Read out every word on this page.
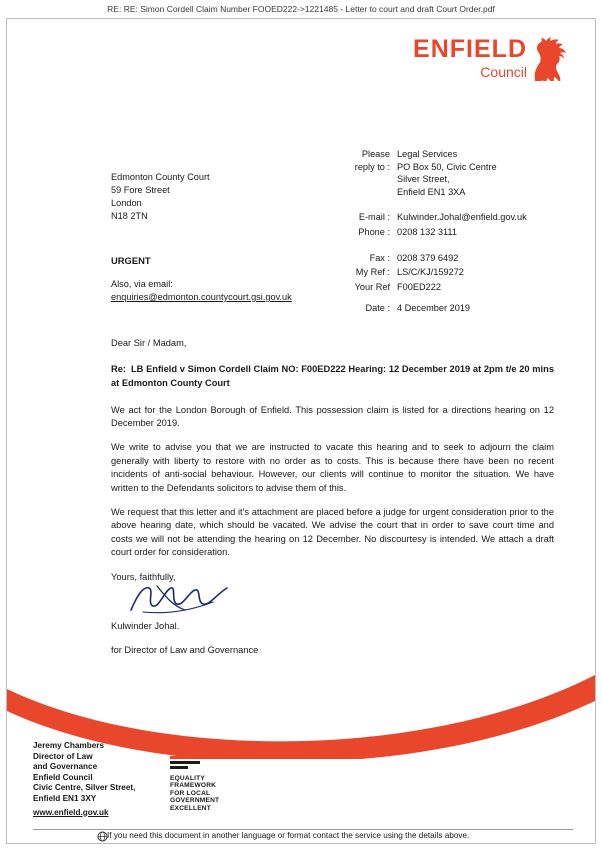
RE: RE: Simon Cordell Claim Number FOOED222->1221485 - Letter to court and draft Court Order.pdf
ENFIELD
Council
Edmonton County Court
59 Fore Street
London
N18 2TN
URGENT
Also, via email:
enquiries@edmonton.countycourt.gsi.gov.uk
Please
reply to :
Legal Services
PO Box 50, Civic Centre
Silver Street,
Enfield EN1 3XA
E-mail : Kulwinder.Johal@enfield.gov.uk
Phone : 0208 132 3111
Fax : 0208 379 6492
My Ref : LS/C/KJ/159272
Your Ref F00ED222
Date : 4 December 2019

Dear Sir / Madam,

Re: LB Enfield v Simon Cordell Claim NO: F00ED222 Hearing: 12 December 2019 at 2pm t/e 20 mins at Edmonton County Court

We act for the London Borough of Enfield. This possession claim is listed for a directions hearing on 12 December 2019.

We write to advise you that we are instructed to vacate this hearing and to seek to adjourn the claim generally with liberty to restore with no order as to costs. This is because there have been no recent incidents of anti-social behaviour. However, our clients will continue to monitor the situation. We have written to the Defendants solicitors to advise them of this.

We request that this letter and it's attachment are placed before a judge for urgent consideration prior to the above hearing date, which should be vacated. We advise the court that in order to save court time and costs we will not be attending the hearing on 12 December. No discourtesy is intended. We attach a draft court order for consideration.

Yours, faithfully,

Kulwinder Johal.

for Director of Law and Governance

Jeremy Chambers
Director of Law
and Governance
Enfield Council
Civic Centre, Silver Street,
Enfield EN1 3XY
www.enfield.gov.uk
EQUALITY
FRAMEWORK
FOR LOCAL
GOVERNMENT
EXCELLENT
If you need this document in another language or format contact the service using the details above.
